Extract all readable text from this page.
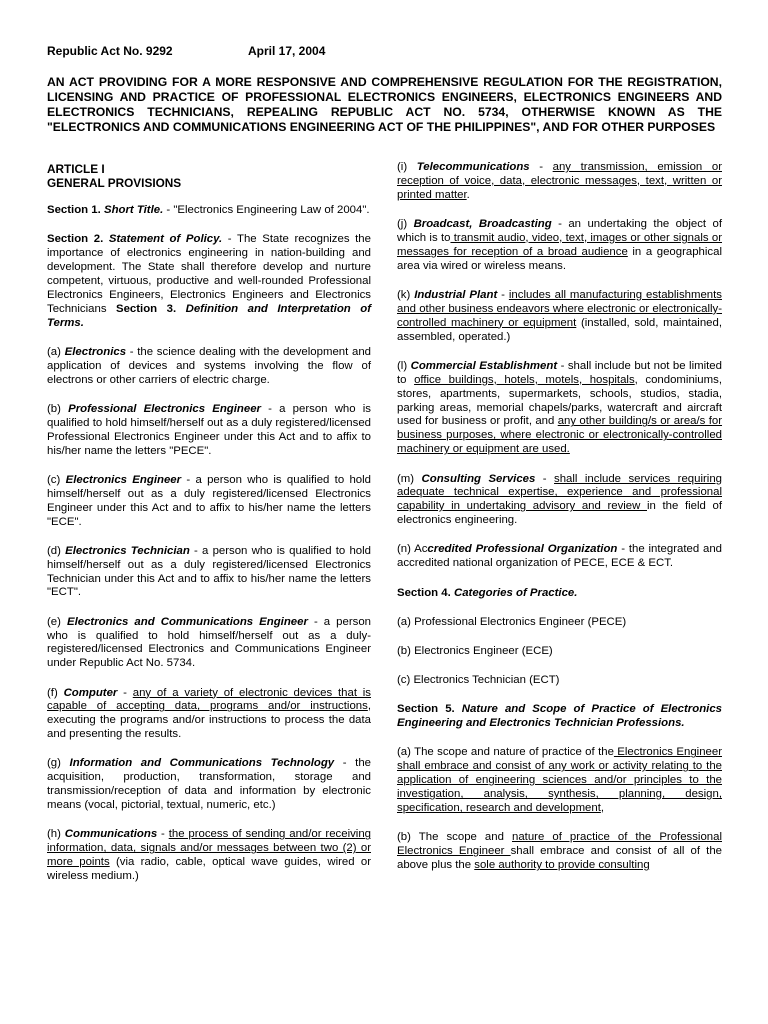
Republic Act No. 9292	April 17, 2004
AN ACT PROVIDING FOR A MORE RESPONSIVE AND COMPREHENSIVE REGULATION FOR THE REGISTRATION, LICENSING AND PRACTICE OF PROFESSIONAL ELECTRONICS ENGINEERS, ELECTRONICS ENGINEERS AND ELECTRONICS TECHNICIANS, REPEALING REPUBLIC ACT NO. 5734, OTHERWISE KNOWN AS THE "ELECTRONICS AND COMMUNICATIONS ENGINEERING ACT OF THE PHILIPPINES", AND FOR OTHER PURPOSES
ARTICLE I
GENERAL PROVISIONS

Section 1. Short Title. - "Electronics Engineering Law of 2004".

Section 2. Statement of Policy. - The State recognizes the importance of electronics engineering in nation-building and development. The State shall therefore develop and nurture competent, virtuous, productive and well-rounded Professional Electronics Engineers, Electronics Engineers and Electronics Technicians Section 3. Definition and Interpretation of Terms.

(a) Electronics - the science dealing with the development and application of devices and systems involving the flow of electrons or other carriers of electric charge.

(b) Professional Electronics Engineer - a person who is qualified to hold himself/herself out as a duly registered/licensed Professional Electronics Engineer under this Act and to affix to his/her name the letters "PECE".

(c) Electronics Engineer - a person who is qualified to hold himself/herself out as a duly registered/licensed Electronics Engineer under this Act and to affix to his/her name the letters "ECE".

(d) Electronics Technician - a person who is qualified to hold himself/herself out as a duly registered/licensed Electronics Technician under this Act and to affix to his/her name the letters "ECT".

(e) Electronics and Communications Engineer - a person who is qualified to hold himself/herself out as a duly-registered/licensed Electronics and Communications Engineer under Republic Act No. 5734.

(f) Computer - any of a variety of electronic devices that is capable of accepting data, programs and/or instructions, executing the programs and/or instructions to process the data and presenting the results.

(g) Information and Communications Technology - the acquisition, production, transformation, storage and transmission/reception of data and information by electronic means (vocal, pictorial, textual, numeric, etc.)

(h) Communications - the process of sending and/or receiving information, data, signals and/or messages between two (2) or more points (via radio, cable, optical wave guides, wired or wireless medium.)

(i) Telecommunications - any transmission, emission or reception of voice, data, electronic messages, text, written or printed matter.

(j) Broadcast, Broadcasting - an undertaking the object of which is to transmit audio, video, text, images or other signals or messages for reception of a broad audience in a geographical area via wired or wireless means.

(k) Industrial Plant - includes all manufacturing establishments and other business endeavors where electronic or electronically-controlled machinery or equipment (installed, sold, maintained, assembled, operated.)

(l) Commercial Establishment - shall include but not be limited to office buildings, hotels, motels, hospitals, condominiums, stores, apartments, supermarkets, schools, studios, stadia, parking areas, memorial chapels/parks, watercraft and aircraft used for business or profit, and any other building/s or area/s for business purposes, where electronic or electronically-controlled machinery or equipment are used.

(m) Consulting Services - shall include services requiring adequate technical expertise, experience and professional capability in undertaking advisory and review in the field of electronics engineering.

(n) Accredited Professional Organization - the integrated and accredited national organization of PECE, ECE & ECT.

Section 4. Categories of Practice.

(a) Professional Electronics Engineer (PECE)

(b) Electronics Engineer (ECE)

(c) Electronics Technician (ECT)

Section 5. Nature and Scope of Practice of Electronics Engineering and Electronics Technician Professions.

(a) The scope and nature of practice of the Electronics Engineer shall embrace and consist of any work or activity relating to the application of engineering sciences and/or principles to the investigation, analysis, synthesis, planning, design, specification, research and development,

(b) The scope and nature of practice of the Professional Electronics Engineer shall embrace and consist of all of the above plus the sole authority to provide consulting
